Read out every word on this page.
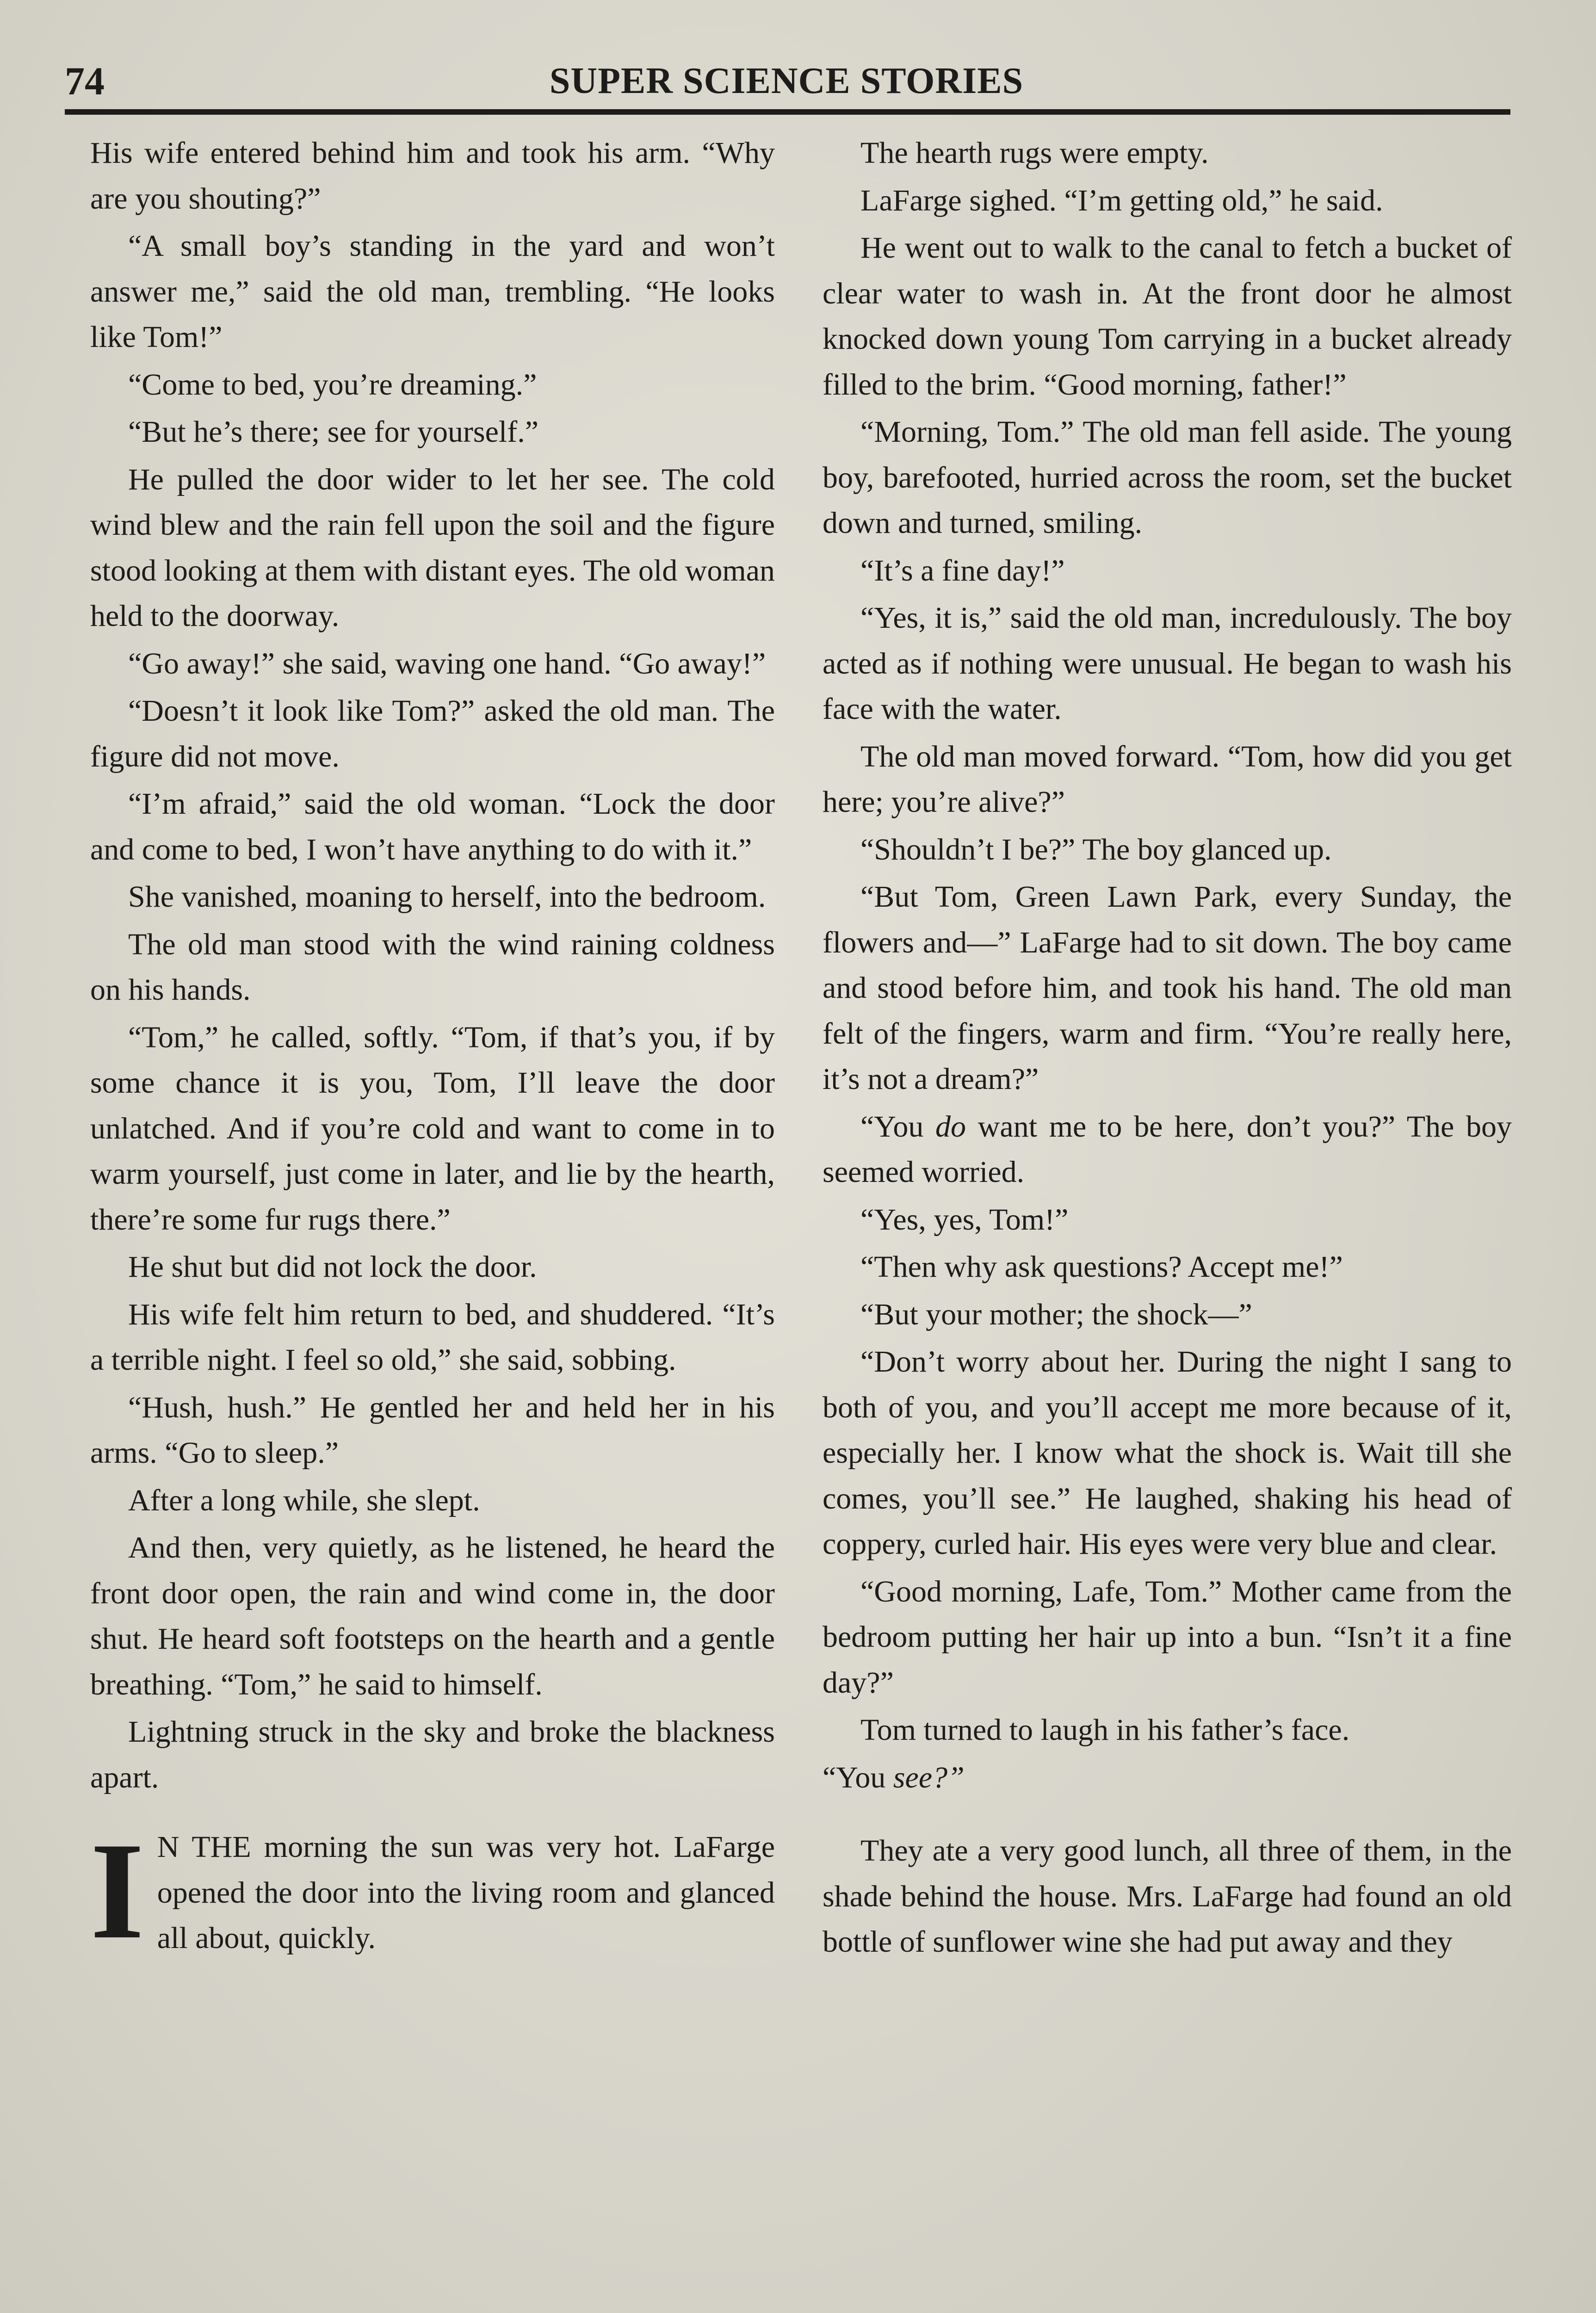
74	SUPER SCIENCE STORIES

His wife entered behind him and took his arm. “Why are you shouting?”

“A small boy’s standing in the yard and won’t answer me,” said the old man, trembling. “He looks like Tom!”

“Come to bed, you’re dreaming.”

“But he’s there; see for yourself.”

He pulled the door wider to let her see. The cold wind blew and the rain fell upon the soil and the figure stood looking at them with distant eyes. The old woman held to the doorway.

“Go away!” she said, waving one hand. “Go away!”

“Doesn’t it look like Tom?” asked the old man. The figure did not move.

“I’m afraid,” said the old woman. “Lock the door and come to bed, I won’t have anything to do with it.”

She vanished, moaning to herself, into the bedroom.

The old man stood with the wind raining coldness on his hands.

“Tom,” he called, softly. “Tom, if that’s you, if by some chance it is you, Tom, I’ll leave the door unlatched. And if you’re cold and want to come in to warm yourself, just come in later, and lie by the hearth, there’re some fur rugs there.”

He shut but did not lock the door.

His wife felt him return to bed, and shuddered. “It’s a terrible night. I feel so old,” she said, sobbing.

“Hush, hush.” He gentled her and held her in his arms. “Go to sleep.”

After a long while, she slept.

And then, very quietly, as he listened, he heard the front door open, the rain and wind come in, the door shut. He heard soft footsteps on the hearth and a gentle breathing. “Tom,” he said to himself.

Lightning struck in the sky and broke the blackness apart.

I N THE morning the sun was very hot. LaFarge opened the door into the living room and glanced all about, quickly.

The hearth rugs were empty.

LaFarge sighed. “I’m getting old,” he said.

He went out to walk to the canal to fetch a bucket of clear water to wash in. At the front door he almost knocked down young Tom carrying in a bucket already filled to the brim. “Good morning, father!”

“Morning, Tom.” The old man fell aside. The young boy, barefooted, hurried across the room, set the bucket down and turned, smiling.

“It’s a fine day!”

“Yes, it is,” said the old man, incredulously. The boy acted as if nothing were unusual. He began to wash his face with the water.

The old man moved forward. “Tom, how did you get here; you’re alive?”

“Shouldn’t I be?” The boy glanced up.

“But Tom, Green Lawn Park, every Sunday, the flowers and—” LaFarge had to sit down. The boy came and stood before him, and took his hand. The old man felt of the fingers, warm and firm. “You’re really here, it’s not a dream?”

“You do want me to be here, don’t you?” The boy seemed worried.

“Yes, yes, Tom!”

“Then why ask questions? Accept me!”

“But your mother; the shock—”

“Don’t worry about her. During the night I sang to both of you, and you’ll accept me more because of it, especially her. I know what the shock is. Wait till she comes, you’ll see.” He laughed, shaking his head of coppery, curled hair. His eyes were very blue and clear.

“Good morning, Lafe, Tom.” Mother came from the bedroom putting her hair up into a bun. “Isn’t it a fine day?”

Tom turned to laugh in his father’s face.

“You see?”

They ate a very good lunch, all three of them, in the shade behind the house. Mrs. LaFarge had found an old bottle of sunflower wine she had put away and they
